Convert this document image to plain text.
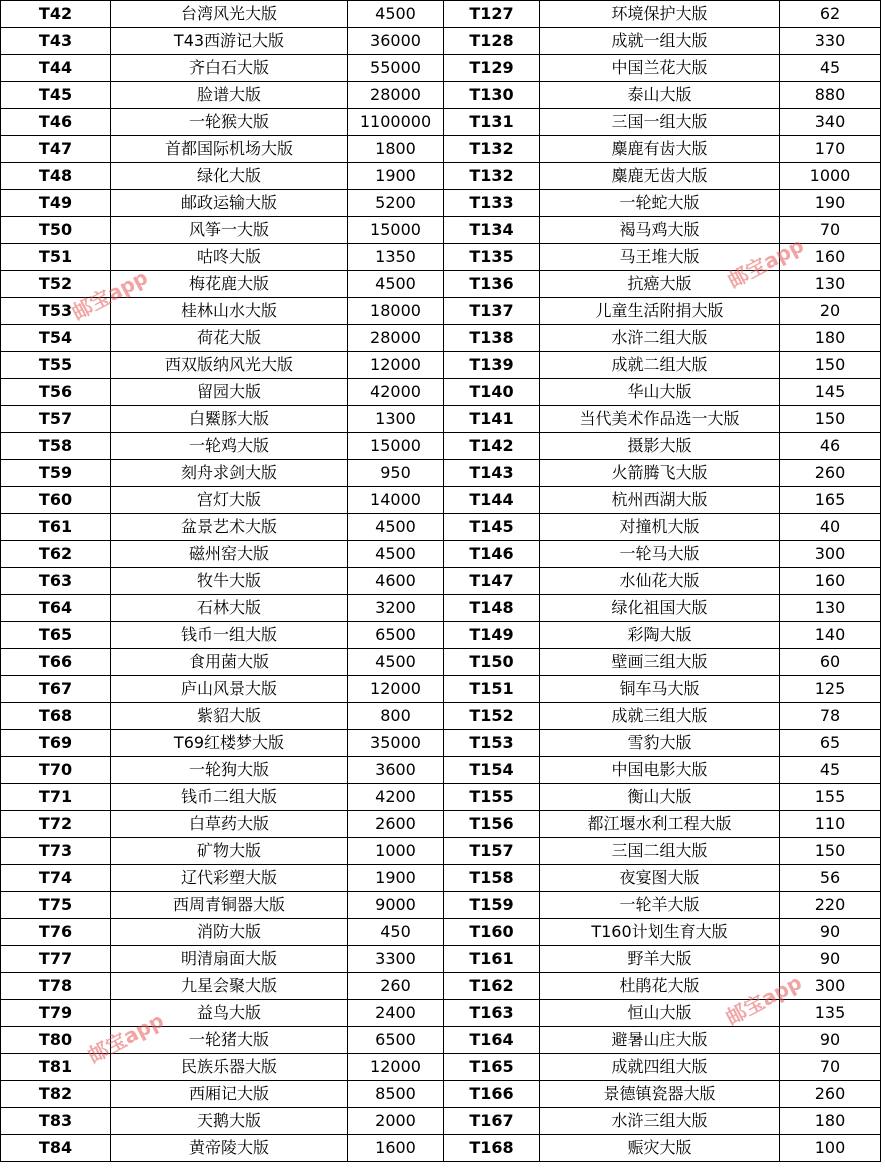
T42	台湾风光大版	4500	T127	环境保护大版	62
T43	T43西游记大版	36000	T128	成就一组大版	330
T44	齐白石大版	55000	T129	中国兰花大版	45
T45	脸谱大版	28000	T130	泰山大版	880
T46	一轮猴大版	1100000	T131	三国一组大版	340
T47	首都国际机场大版	1800	T132	麋鹿有齿大版	170
T48	绿化大版	1900	T132	麋鹿无齿大版	1000
T49	邮政运输大版	5200	T133	一轮蛇大版	190
T50	风筝一大版	15000	T134	褐马鸡大版	70
T51	咕咚大版	1350	T135	马王堆大版	160
T52	梅花鹿大版	4500	T136	抗癌大版	130
T53	桂林山水大版	18000	T137	儿童生活附捐大版	20
T54	荷花大版	28000	T138	水浒二组大版	180
T55	西双版纳风光大版	12000	T139	成就二组大版	150
T56	留园大版	42000	T140	华山大版	145
T57	白鱀豚大版	1300	T141	当代美术作品选一大版	150
T58	一轮鸡大版	15000	T142	摄影大版	46
T59	刻舟求剑大版	950	T143	火箭腾飞大版	260
T60	宫灯大版	14000	T144	杭州西湖大版	165
T61	盆景艺术大版	4500	T145	对撞机大版	40
T62	磁州窑大版	4500	T146	一轮马大版	300
T63	牧牛大版	4600	T147	水仙花大版	160
T64	石林大版	3200	T148	绿化祖国大版	130
T65	钱币一组大版	6500	T149	彩陶大版	140
T66	食用菌大版	4500	T150	壁画三组大版	60
T67	庐山风景大版	12000	T151	铜车马大版	125
T68	紫貂大版	800	T152	成就三组大版	78
T69	T69红楼梦大版	35000	T153	雪豹大版	65
T70	一轮狗大版	3600	T154	中国电影大版	45
T71	钱币二组大版	4200	T155	衡山大版	155
T72	白草药大版	2600	T156	都江堰水利工程大版	110
T73	矿物大版	1000	T157	三国二组大版	150
T74	辽代彩塑大版	1900	T158	夜宴图大版	56
T75	西周青铜器大版	9000	T159	一轮羊大版	220
T76	消防大版	450	T160	T160计划生育大版	90
T77	明清扇面大版	3300	T161	野羊大版	90
T78	九星会聚大版	260	T162	杜鹃花大版	300
T79	益鸟大版	2400	T163	恒山大版	135
T80	一轮猪大版	6500	T164	避暑山庄大版	90
T81	民族乐器大版	12000	T165	成就四组大版	70
T82	西厢记大版	8500	T166	景德镇瓷器大版	260
T83	天鹅大版	2000	T167	水浒三组大版	180
T84	黄帝陵大版	1600	T168	赈灾大版	100
邮宝app
邮宝app
邮宝app
邮宝app
